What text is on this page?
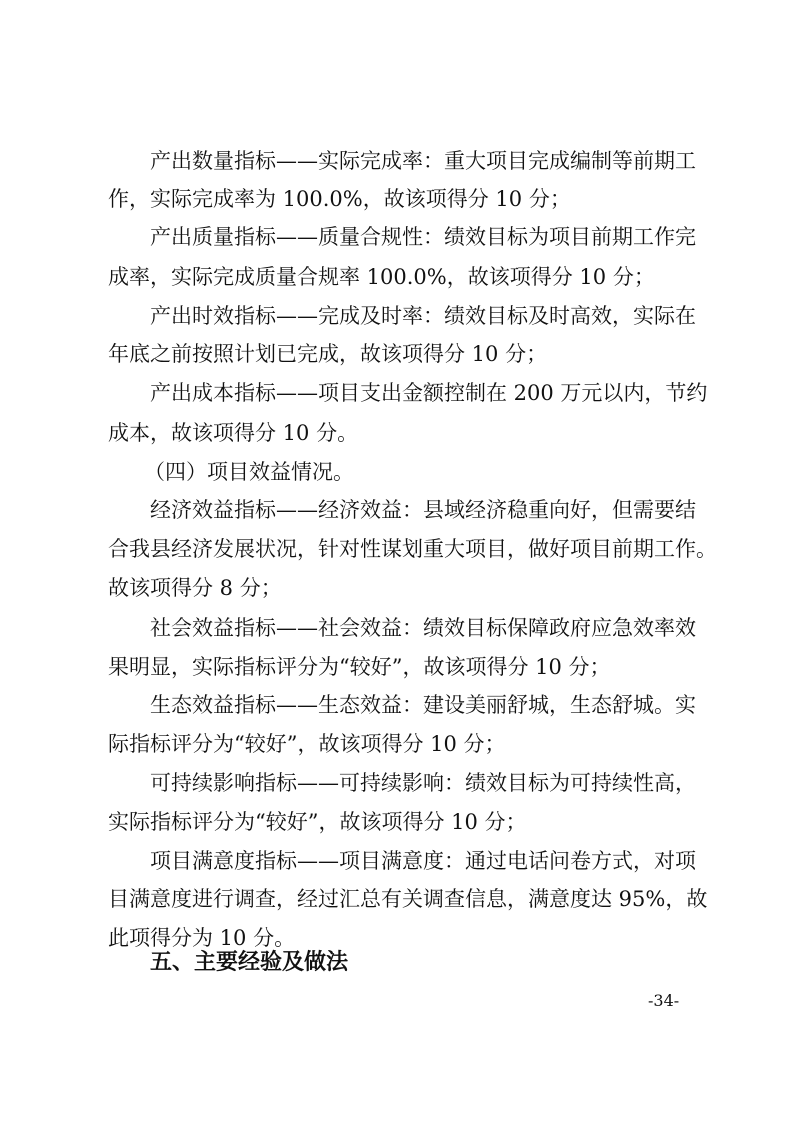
产出数量指标——实际完成率：重大项目完成编制等前期工
作，实际完成率为 100.0%，故该项得分 10 分；
产出质量指标——质量合规性：绩效目标为项目前期工作完
成率，实际完成质量合规率 100.0%，故该项得分 10 分；
产出时效指标——完成及时率：绩效目标及时高效，实际在
年底之前按照计划已完成，故该项得分 10 分；
产出成本指标——项目支出金额控制在 200 万元以内，节约
成本，故该项得分 10 分。
（四）项目效益情况。
经济效益指标——经济效益：县域经济稳重向好，但需要结
合我县经济发展状况，针对性谋划重大项目，做好项目前期工作。
故该项得分 8 分；
社会效益指标——社会效益：绩效目标保障政府应急效率效
果明显，实际指标评分为“较好”，故该项得分 10 分；
生态效益指标——生态效益：建设美丽舒城，生态舒城。实
际指标评分为“较好”，故该项得分 10 分；
可持续影响指标——可持续影响：绩效目标为可持续性高，
实际指标评分为“较好”，故该项得分 10 分；
项目满意度指标——项目满意度：通过电话问卷方式，对项
目满意度进行调查，经过汇总有关调查信息，满意度达 95%，故
此项得分为 10 分。
五、主要经验及做法
-34-
